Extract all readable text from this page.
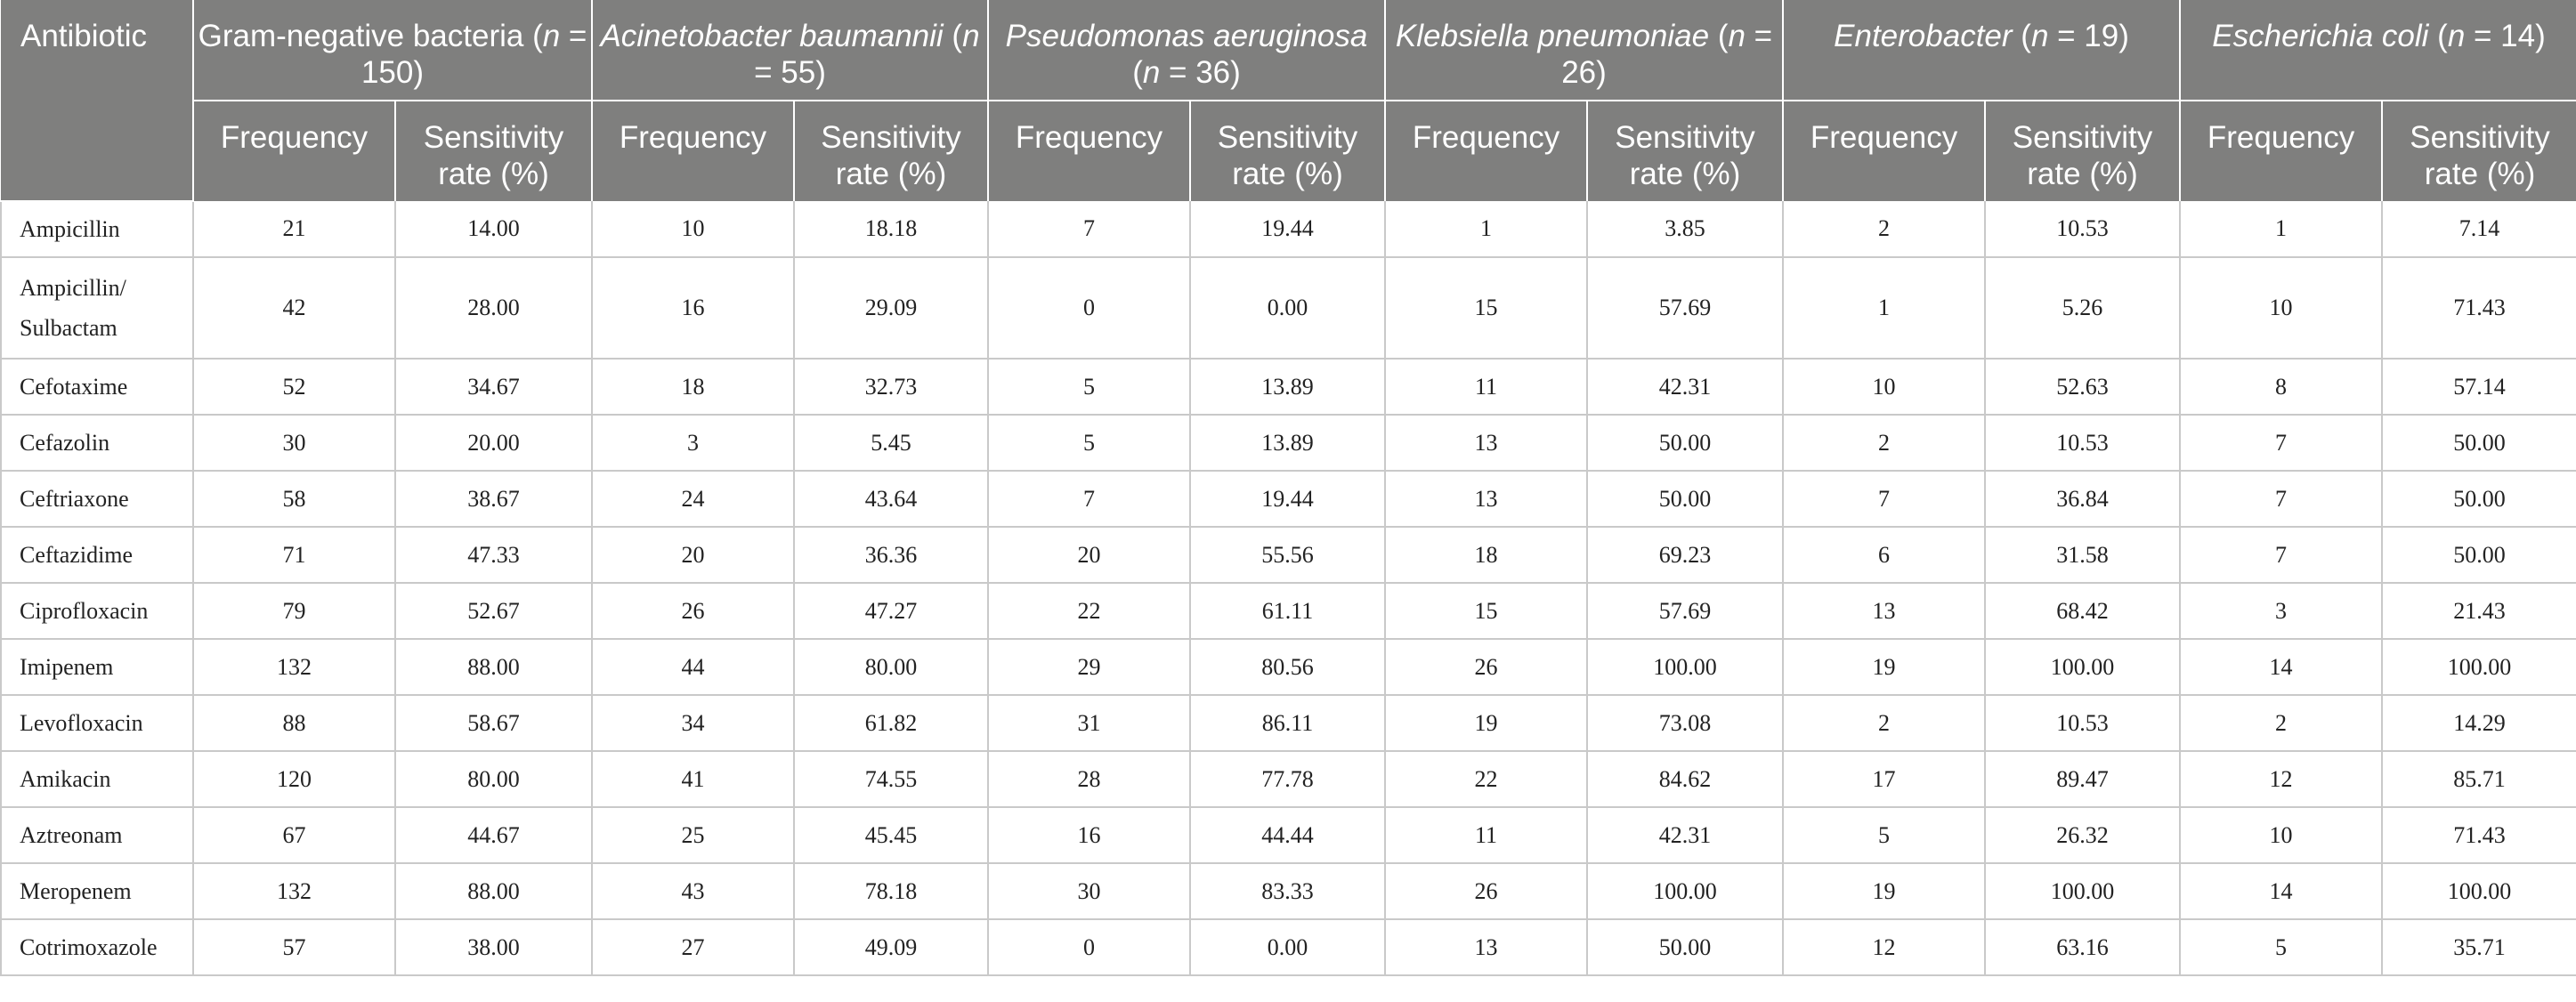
Antibiotic	Gram-negative bacteria (n = 150)		Acinetobacter baumannii (n = 55)		Pseudomonas aeruginosa (n = 36)		Klebsiella pneumoniae (n = 26)		Enterobacter (n = 19)		Escherichia coli (n = 14)	
	Frequency	Sensitivity rate (%)	Frequency	Sensitivity rate (%)	Frequency	Sensitivity rate (%)	Frequency	Sensitivity rate (%)	Frequency	Sensitivity rate (%)	Frequency	Sensitivity rate (%)
Ampicillin	21	14.00	10	18.18	7	19.44	1	3.85	2	10.53	1	7.14
Ampicillin/ Sulbactam	42	28.00	16	29.09	0	0.00	15	57.69	1	5.26	10	71.43
Cefotaxime	52	34.67	18	32.73	5	13.89	11	42.31	10	52.63	8	57.14
Cefazolin	30	20.00	3	5.45	5	13.89	13	50.00	2	10.53	7	50.00
Ceftriaxone	58	38.67	24	43.64	7	19.44	13	50.00	7	36.84	7	50.00
Ceftazidime	71	47.33	20	36.36	20	55.56	18	69.23	6	31.58	7	50.00
Ciprofloxacin	79	52.67	26	47.27	22	61.11	15	57.69	13	68.42	3	21.43
Imipenem	132	88.00	44	80.00	29	80.56	26	100.00	19	100.00	14	100.00
Levofloxacin	88	58.67	34	61.82	31	86.11	19	73.08	2	10.53	2	14.29
Amikacin	120	80.00	41	74.55	28	77.78	22	84.62	17	89.47	12	85.71
Aztreonam	67	44.67	25	45.45	16	44.44	11	42.31	5	26.32	10	71.43
Meropenem	132	88.00	43	78.18	30	83.33	26	100.00	19	100.00	14	100.00
Cotrimoxazole	57	38.00	27	49.09	0	0.00	13	50.00	12	63.16	5	35.71
